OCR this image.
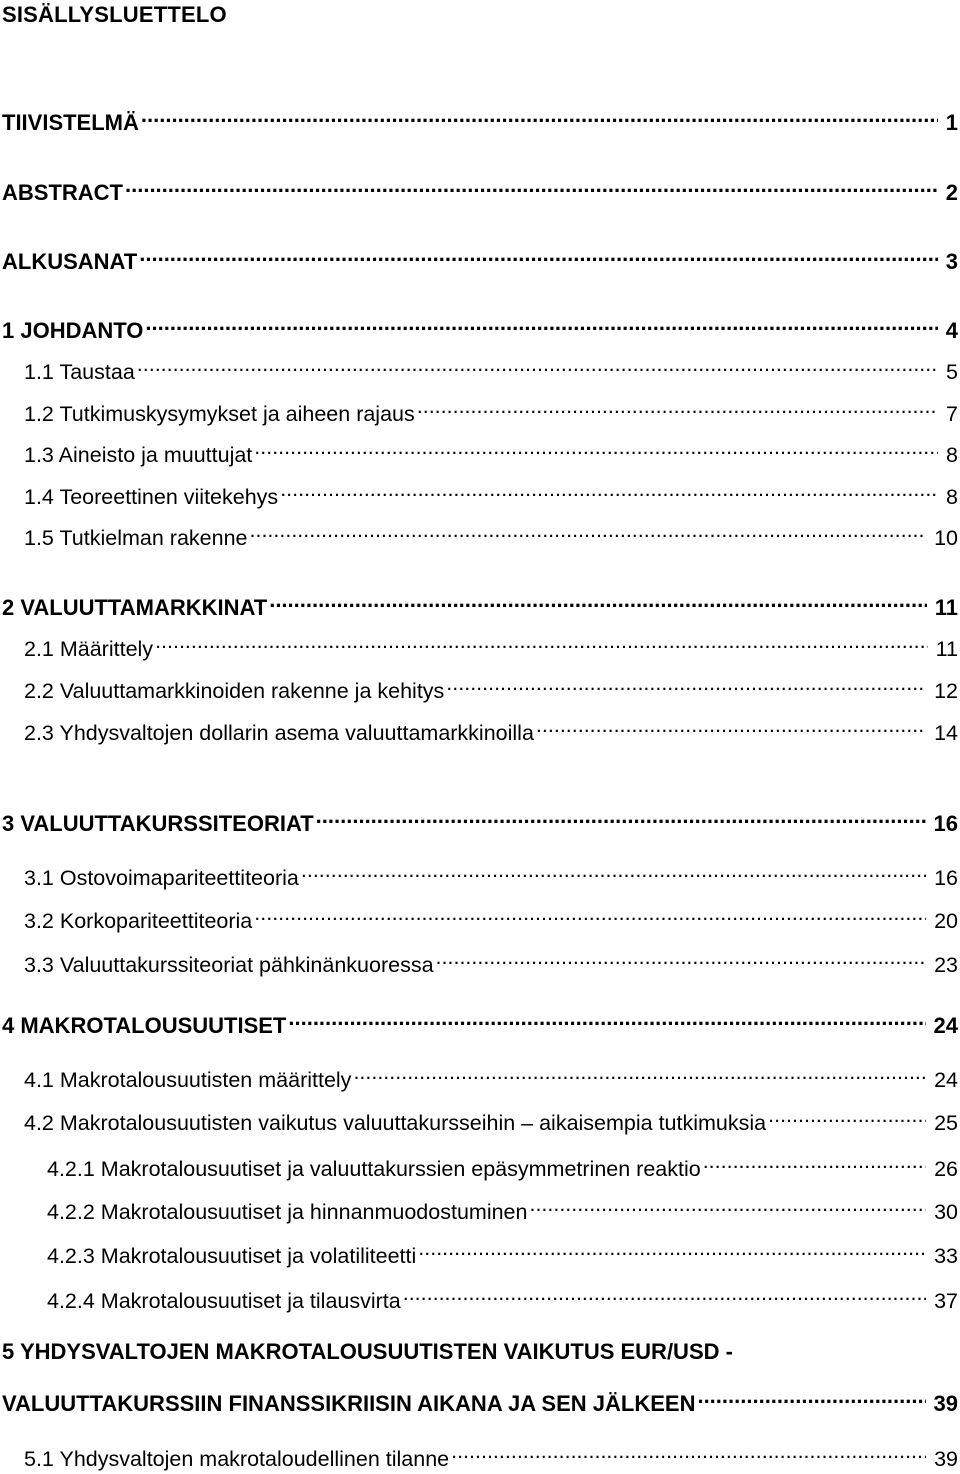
SISÄLLYSLUETTELO
TIIVISTELMÄ .....	1
ABSTRACT .....	2
ALKUSANAT .....	3
1 JOHDANTO .....	4
1.1 Taustaa .....	5
1.2 Tutkimuskysymykset ja aiheen rajaus .....	7
1.3 Aineisto ja muuttujat .....	8
1.4 Teoreettinen viitekehys .....	8
1.5 Tutkielman rakenne .....	10
2 VALUUTTAMARKKINAT .....	11
2.1 Määrittely .....	11
2.2 Valuuttamarkkinoiden rakenne ja kehitys .....	12
2.3 Yhdysvaltojen dollarin asema valuuttamarkkinoilla .....	14
3 VALUUTTAKURSSITEORIAT .....	16
3.1 Ostovoimapariteettiteoria .....	16
3.2 Korkopariteettiteoria .....	20
3.3 Valuuttakurssiteoriat pähkinänkuoressa .....	23
4 MAKROTALOUSUUTISET .....	24
4.1 Makrotalousuutisten määrittely .....	24
4.2 Makrotalousuutisten vaikutus valuuttakursseihin – aikaisempia tutkimuksia .....	25
4.2.1 Makrotalousuutiset ja valuuttakurssien epäsymmetrinen reaktio .....	26
4.2.2 Makrotalousuutiset ja hinnanmuodostuminen .....	30
4.2.3 Makrotalousuutiset ja volatiliteetti .....	33
4.2.4 Makrotalousuutiset ja tilausvirta .....	37
5 YHDYSVALTOJEN MAKROTALOUSUUTISTEN VAIKUTUS EUR/USD -
VALUUTTAKURSSIIN FINANSSIKRIISIN AIKANA JA SEN JÄLKEEN .....	39
5.1 Yhdysvaltojen makrotaloudellinen tilanne .....	39
